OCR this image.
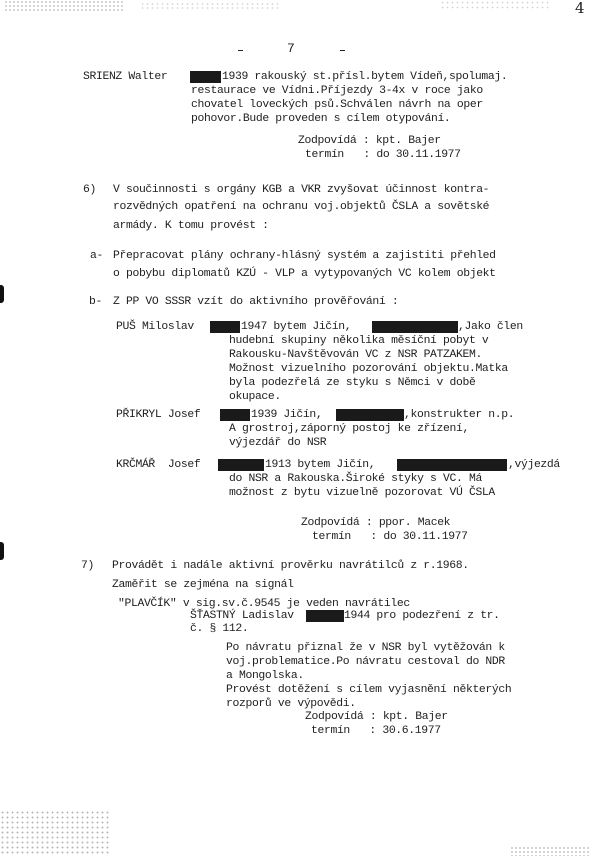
4
7
SRIENZ Walter	1939 rakouský st.přísl.bytem Vídeň,spolumaj.
restaurace ve Vídni.Příjezdy 3-4x v roce jako
chovatel loveckých psů.Schválen návrh na oper
pohovor.Bude proveden s cílem otypování.
Zodpovídá : kpt. Bajer
termín   : do 30.11.1977
6) V součinnosti s orgány KGB a VKR zvyšovat účinnost kontra-
rozvědných opatření na ochranu voj.objektů ČSLA a sovětské
armády. K tomu provést :
a- Přepracovat plány ochrany-hlásný systém a zajistiti přehled
o pobybu diplomatů KZÚ - VLP a vytypovaných VC kolem objekt
b- Z PP VO SSSR vzít do aktivního prověřování :
PUŠ Miloslav	1947 bytem Jičín,	,Jako člen
hudební skupiny několika měsíční pobyt v
Rakousku-Navštěvován VC z NSR PATZAKEM.
Možnost vizuelního pozorování objektu.Matka
byla podezřelá ze styku s Němci v době
okupace.
PŘIKRYL Josef	1939 Jičín,	,konstrukter n.p.
A grostroj,záporný postoj ke zřízení,
výjezdář do NSR
KRČMÁŘ  Josef	1913 bytem Jičín,	,výjezdá
do NSR a Rakouska.Široké styky s VC. Má
možnost z bytu vizuelně pozorovat VÚ ČSLA
Zodpovídá : ppor. Macek
termín   : do 30.11.1977
7) Provádět i nadále aktivní prověrku navrátilců z r.1968.
Zaměřit se zejména na signál
"PLAVČÍK" v sig.sv.č.9545 je veden navrátilec
ŠŤASTNÝ Ladislav	1944 pro podezření z tr.
č. § 112.
Po návratu přiznal že v NSR byl vytěžován k
voj.problematice.Po návratu cestoval do NDR
a Mongolska.
Provést dotěžení s cílem vyjasnění některých
rozporů ve výpovědi.
Zodpovídá : kpt. Bajer
termín   : 30.6.1977
